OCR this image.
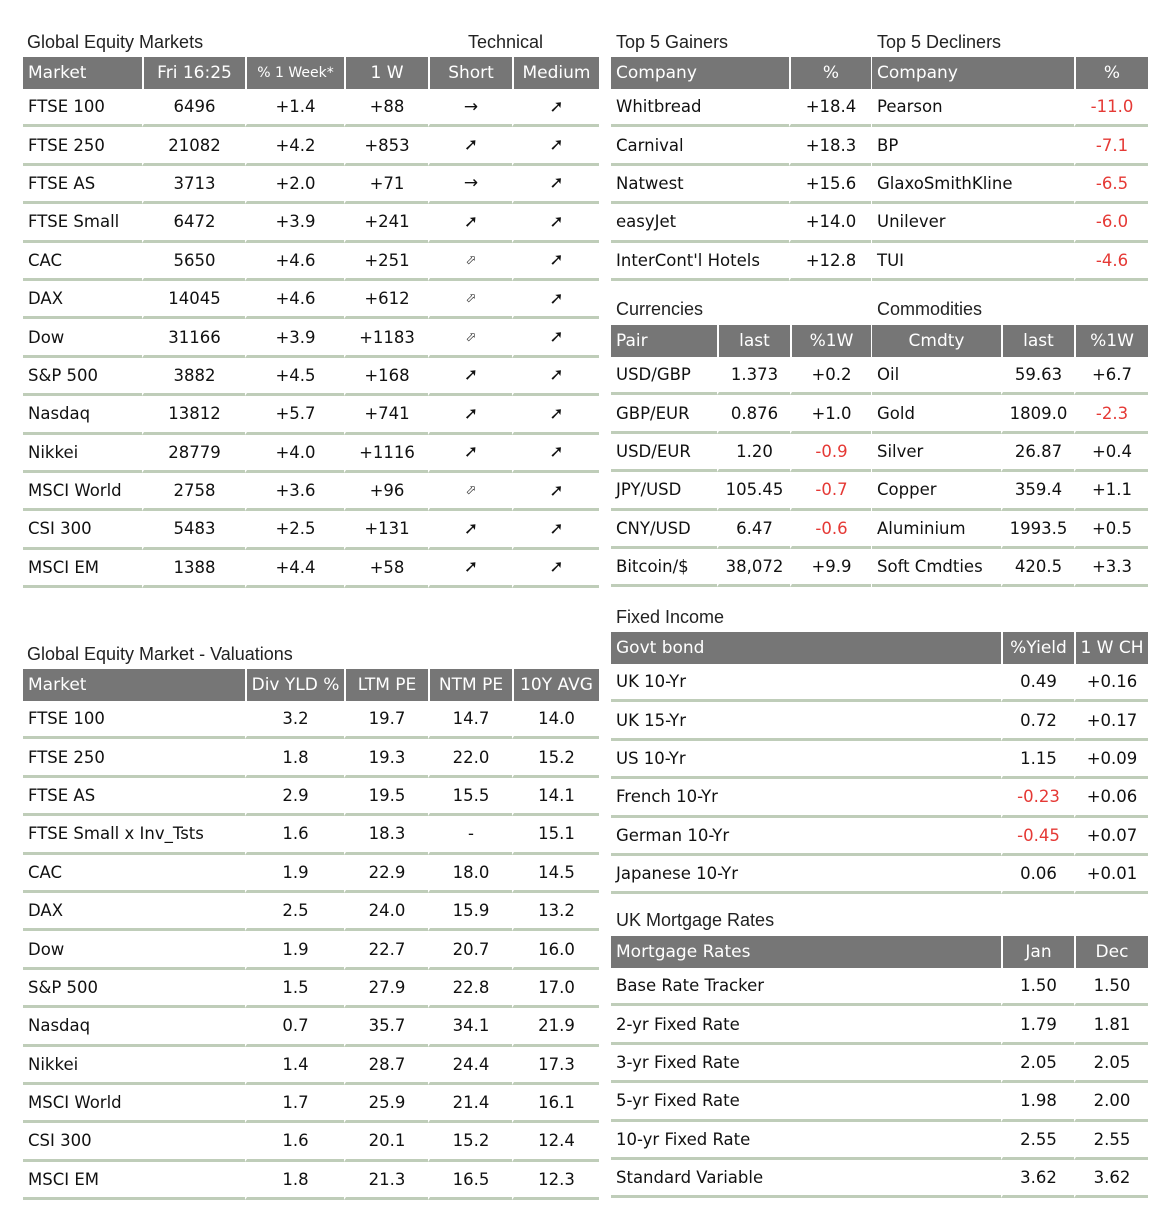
Global Equity Markets	Technical
Market	Fri 16:25	% 1 Week*	1 W	Short	Medium
FTSE 100	6496	+1.4	+88	→	➚
FTSE 250	21082	+4.2	+853	➚	➚
FTSE AS	3713	+2.0	+71	→	➚
FTSE Small	6472	+3.9	+241	➚	➚
CAC	5650	+4.6	+251	⬀	➚
DAX	14045	+4.6	+612	⬀	➚
Dow	31166	+3.9	+1183	⬀	➚
S&P 500	3882	+4.5	+168	➚	➚
Nasdaq	13812	+5.7	+741	➚	➚
Nikkei	28779	+4.0	+1116	➚	➚
MSCI World	2758	+3.6	+96	⬀	➚
CSI 300	5483	+2.5	+131	➚	➚
MSCI EM	1388	+4.4	+58	➚	➚
Top 5 Gainers	Top 5 Decliners
Company	%
Whitbread	+18.4
Carnival	+18.3
Natwest	+15.6
easyJet	+14.0
InterCont'l Hotels	+12.8
Company	%
Pearson	-11.0
BP	-7.1
GlaxoSmithKline	-6.5
Unilever	-6.0
TUI	-4.6
Currencies	Commodities
Pair	last	%1W
USD/GBP	1.373	+0.2
GBP/EUR	0.876	+1.0
USD/EUR	1.20	-0.9
JPY/USD	105.45	-0.7
CNY/USD	6.47	-0.6
Bitcoin/$	38,072	+9.9
Cmdty	last	%1W
Oil	59.63	+6.7
Gold	1809.0	-2.3
Silver	26.87	+0.4
Copper	359.4	+1.1
Aluminium	1993.5	+0.5
Soft Cmdties	420.5	+3.3
Global Equity Market - Valuations
Market	Div YLD %	LTM PE	NTM PE	10Y AVG
FTSE 100	3.2	19.7	14.7	14.0
FTSE 250	1.8	19.3	22.0	15.2
FTSE AS	2.9	19.5	15.5	14.1
FTSE Small x Inv_Tsts	1.6	18.3	-	15.1
CAC	1.9	22.9	18.0	14.5
DAX	2.5	24.0	15.9	13.2
Dow	1.9	22.7	20.7	16.0
S&P 500	1.5	27.9	22.8	17.0
Nasdaq	0.7	35.7	34.1	21.9
Nikkei	1.4	28.7	24.4	17.3
MSCI World	1.7	25.9	21.4	16.1
CSI 300	1.6	20.1	15.2	12.4
MSCI EM	1.8	21.3	16.5	12.3
Fixed Income
Govt bond	%Yield	1 W CH
UK 10-Yr	0.49	+0.16
UK 15-Yr	0.72	+0.17
US 10-Yr	1.15	+0.09
French 10-Yr	-0.23	+0.06
German 10-Yr	-0.45	+0.07
Japanese 10-Yr	0.06	+0.01
UK Mortgage Rates
Mortgage Rates	Jan	Dec
Base Rate Tracker	1.50	1.50
2-yr Fixed Rate	1.79	1.81
3-yr Fixed Rate	2.05	2.05
5-yr Fixed Rate	1.98	2.00
10-yr Fixed Rate	2.55	2.55
Standard Variable	3.62	3.62
